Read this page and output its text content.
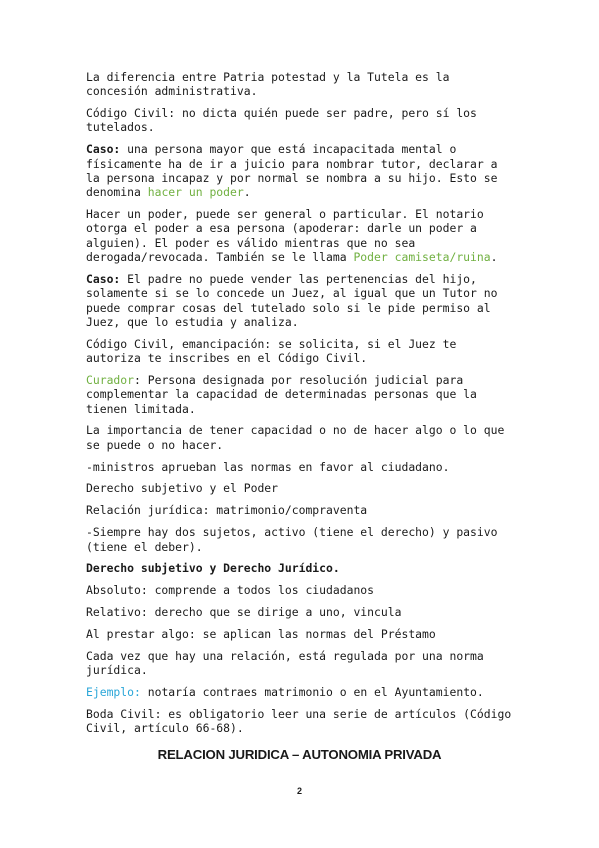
La diferencia entre Patria potestad y la Tutela es la concesión administrativa.

Código Civil: no dicta quién puede ser padre, pero sí los tutelados.

Caso: una persona mayor que está incapacitada mental o físicamente ha de ir a juicio para nombrar tutor, declarar a la persona incapaz y por normal se nombra a su hijo. Esto se denomina hacer un poder.

Hacer un poder, puede ser general o particular. El notario otorga el poder a esa persona (apoderar: darle un poder a alguien). El poder es válido mientras que no sea derogada/revocada. También se le llama Poder camiseta/ruina.

Caso: El padre no puede vender las pertenencias del hijo, solamente si se lo concede un Juez, al igual que un Tutor no puede comprar cosas del tutelado solo si le pide permiso al Juez, que lo estudia y analiza.

Código Civil, emancipación: se solicita, si el Juez te autoriza te inscribes en el Código Civil.

Curador: Persona designada por resolución judicial para complementar la capacidad de determinadas personas que la tienen limitada.

La importancia de tener capacidad o no de hacer algo o lo que se puede o no hacer.

-ministros aprueban las normas en favor al ciudadano.

Derecho subjetivo y el Poder

Relación jurídica: matrimonio/compraventa

-Siempre hay dos sujetos, activo (tiene el derecho) y pasivo (tiene el deber).

Derecho subjetivo y Derecho Jurídico.

Absoluto: comprende a todos los ciudadanos

Relativo: derecho que se dirige a uno, vincula

Al prestar algo: se aplican las normas del Préstamo

Cada vez que hay una relación, está regulada por una norma jurídica.

Ejemplo: notaría contraes matrimonio o en el Ayuntamiento.

Boda Civil: es obligatorio leer una serie de artículos (Código Civil, artículo 66-68).

RELACION JURIDICA – AUTONOMIA PRIVADA
2
